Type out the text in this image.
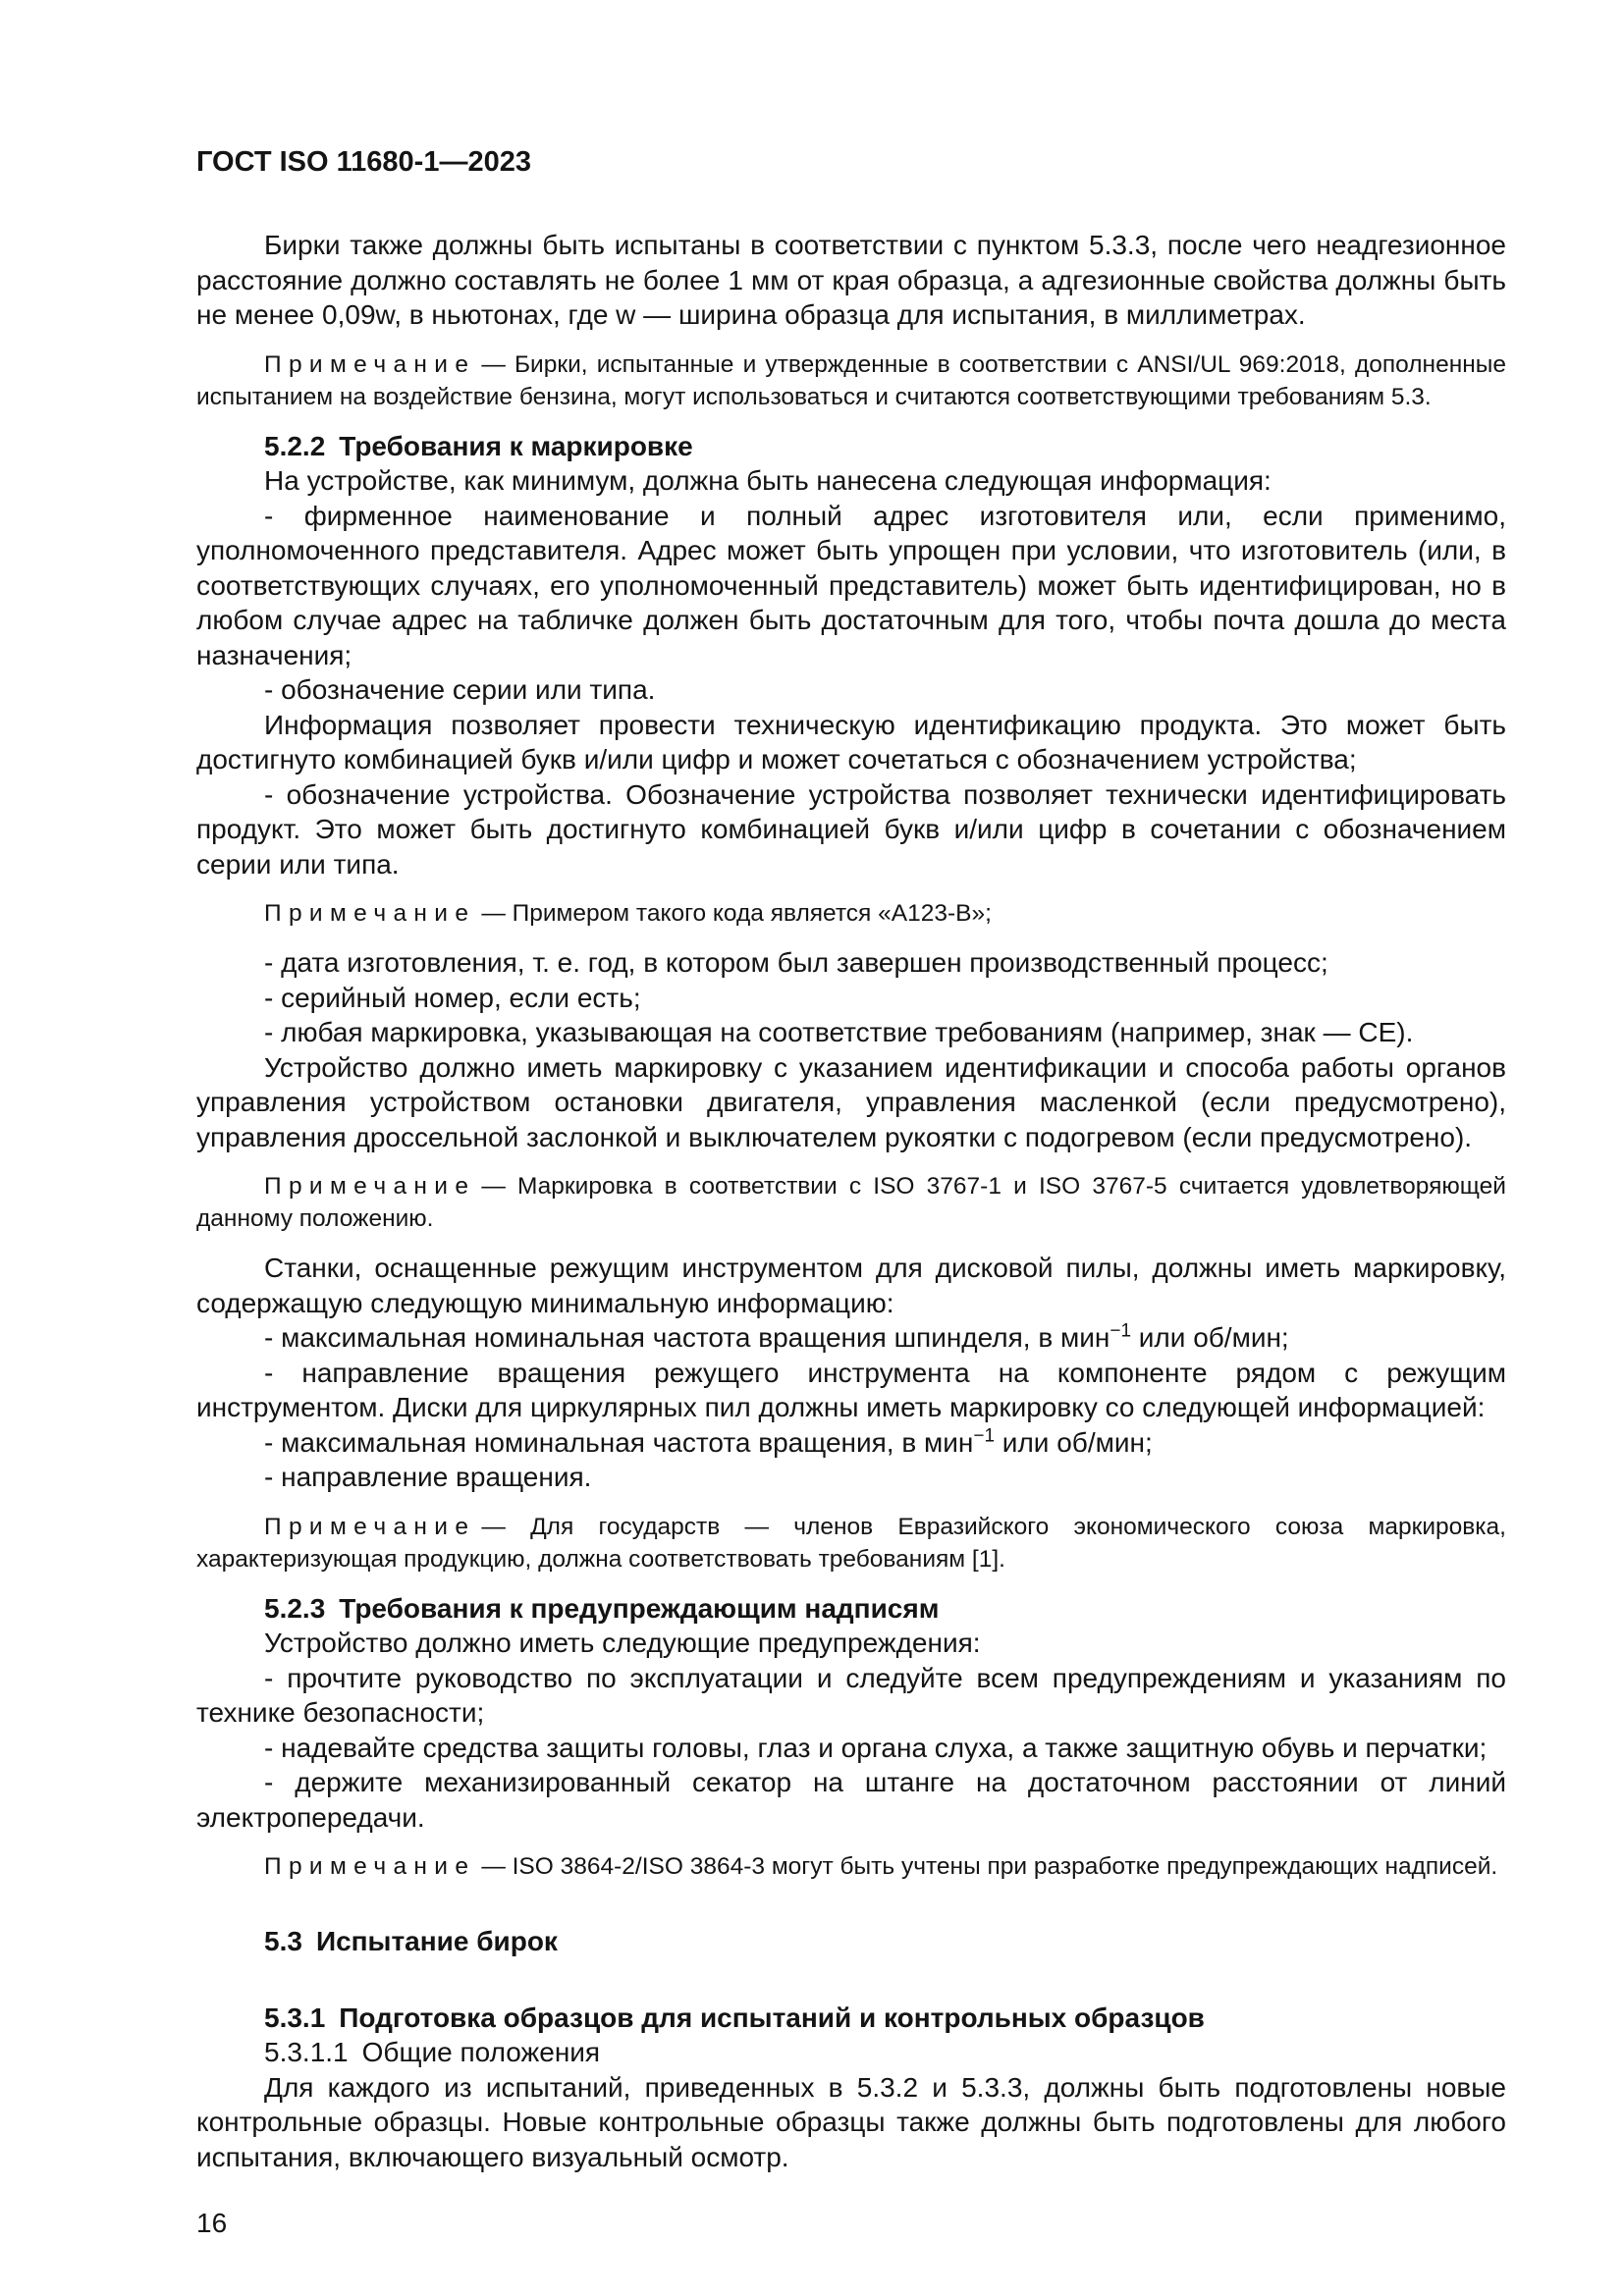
ГОСТ ISO 11680-1—2023

Бирки также должны быть испытаны в соответствии с пунктом 5.3.3, после чего неадгезионное расстояние должно составлять не более 1 мм от края образца, а адгезионные свойства должны быть не менее 0,09w, в ньютонах, где w — ширина образца для испытания, в миллиметрах.

Примечание — Бирки, испытанные и утвержденные в соответствии с ANSI/UL 969:2018, дополненные испытанием на воздействие бензина, могут использоваться и считаются соответствующими требованиям 5.3.

5.2.2 Требования к маркировке

На устройстве, как минимум, должна быть нанесена следующая информация:

- фирменное наименование и полный адрес изготовителя или, если применимо, уполномоченного представителя. Адрес может быть упрощен при условии, что изготовитель (или, в соответствующих случаях, его уполномоченный представитель) может быть идентифицирован, но в любом случае адрес на табличке должен быть достаточным для того, чтобы почта дошла до места назначения;

- обозначение серии или типа.

Информация позволяет провести техническую идентификацию продукта. Это может быть достигнуто комбинацией букв и/или цифр и может сочетаться с обозначением устройства;

- обозначение устройства. Обозначение устройства позволяет технически идентифицировать продукт. Это может быть достигнуто комбинацией букв и/или цифр в сочетании с обозначением серии или типа.

Примечание — Примером такого кода является «А123-В»;

- дата изготовления, т. е. год, в котором был завершен производственный процесс;

- серийный номер, если есть;

- любая маркировка, указывающая на соответствие требованиям (например, знак — CE).

Устройство должно иметь маркировку с указанием идентификации и способа работы органов управления устройством остановки двигателя, управления масленкой (если предусмотрено), управления дроссельной заслонкой и выключателем рукоятки с подогревом (если предусмотрено).

Примечание — Маркировка в соответствии с ISO 3767-1 и ISO 3767-5 считается удовлетворяющей данному положению.

Станки, оснащенные режущим инструментом для дисковой пилы, должны иметь маркировку, содержащую следующую минимальную информацию:

- максимальная номинальная частота вращения шпинделя, в мин$^{-1}$ или об/мин;

- направление вращения режущего инструмента на компоненте рядом с режущим инструментом. Диски для циркулярных пил должны иметь маркировку со следующей информацией:

- максимальная номинальная частота вращения, в мин$^{-1}$ или об/мин;

- направление вращения.

Примечание — Для государств — членов Евразийского экономического союза маркировка, характеризующая продукцию, должна соответствовать требованиям [1].

5.2.3 Требования к предупреждающим надписям

Устройство должно иметь следующие предупреждения:

- прочтите руководство по эксплуатации и следуйте всем предупреждениям и указаниям по технике безопасности;

- надевайте средства защиты головы, глаз и органа слуха, а также защитную обувь и перчатки;

- держите механизированный секатор на штанге на достаточном расстоянии от линий электропередачи.

Примечание — ISO 3864-2/ISO 3864-3 могут быть учтены при разработке предупреждающих надписей.

5.3 Испытание бирок

5.3.1 Подготовка образцов для испытаний и контрольных образцов

5.3.1.1 Общие положения

Для каждого из испытаний, приведенных в 5.3.2 и 5.3.3, должны быть подготовлены новые контрольные образцы. Новые контрольные образцы также должны быть подготовлены для любого испытания, включающего визуальный осмотр.

16
